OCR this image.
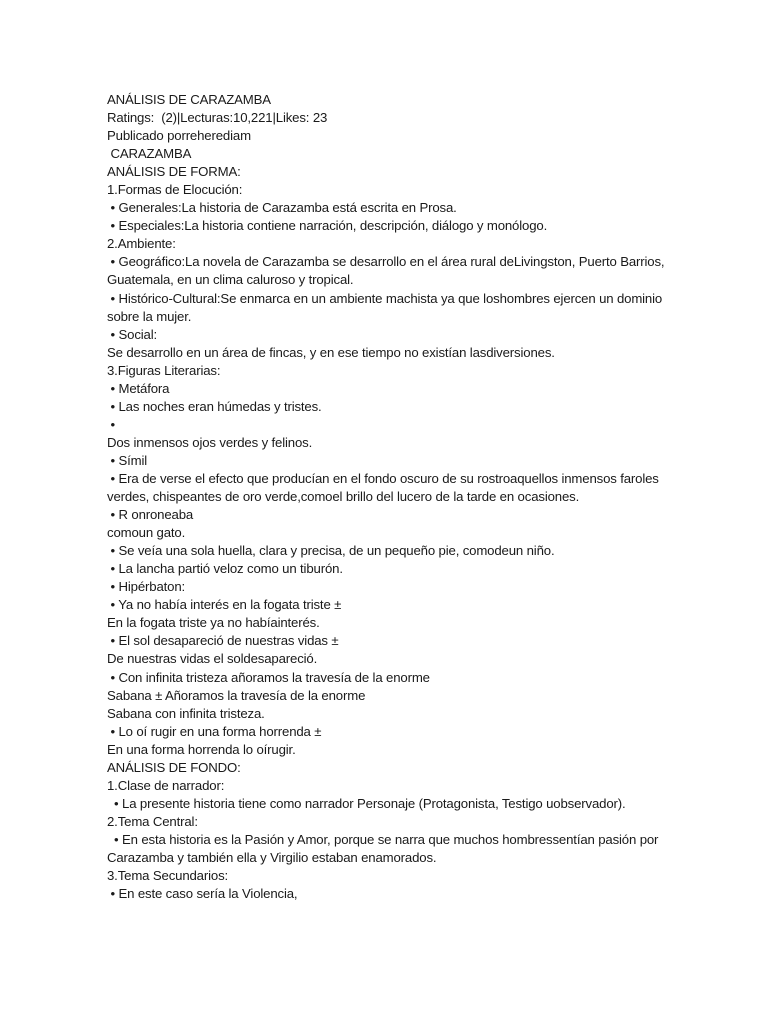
ANÁLISIS DE CARAZAMBA
Ratings:  (2)|Lecturas:10,221|Likes: 23
Publicado porreherediam
CARAZAMBA
ANÁLISIS DE FORMA:
1.Formas de Elocución:
• Generales:La historia de Carazamba está escrita en Prosa.
• Especiales:La historia contiene narración, descripción, diálogo y monólogo.
2.Ambiente:
• Geográfico:La novela de Carazamba se desarrollo en el área rural deLivingston, Puerto Barrios,
Guatemala, en un clima caluroso y tropical.
• Histórico-Cultural:Se enmarca en un ambiente machista ya que loshombres ejercen un dominio
sobre la mujer.
• Social:
Se desarrollo en un área de fincas, y en ese tiempo no existían lasdiversiones.
3.Figuras Literarias:
• Metáfora
• Las noches eran húmedas y tristes.
•
Dos inmensos ojos verdes y felinos.
• Símil
• Era de verse el efecto que producían en el fondo oscuro de su rostroaquellos inmensos faroles
verdes, chispeantes de oro verde,comoel brillo del lucero de la tarde en ocasiones.
• R onroneaba
comoun gato.
• Se veía una sola huella, clara y precisa, de un pequeño pie, comodeun niño.
• La lancha partió veloz como un tiburón.
• Hipérbaton:
• Ya no había interés en la fogata triste ±
En la fogata triste ya no habíainterés.
• El sol desapareció de nuestras vidas ±
De nuestras vidas el soldesapareció.
• Con infinita tristeza añoramos la travesía de la enorme
Sabana ± Añoramos la travesía de la enorme
Sabana con infinita tristeza.
• Lo oí rugir en una forma horrenda ±
En una forma horrenda lo oírugir.
ANÁLISIS DE FONDO:
1.Clase de narrador:
• La presente historia tiene como narrador Personaje (Protagonista, Testigo uobservador).
2.Tema Central:
• En esta historia es la Pasión y Amor, porque se narra que muchos hombressentían pasión por
Carazamba y también ella y Virgilio estaban enamorados.
3.Tema Secundarios:
• En este caso sería la Violencia,
